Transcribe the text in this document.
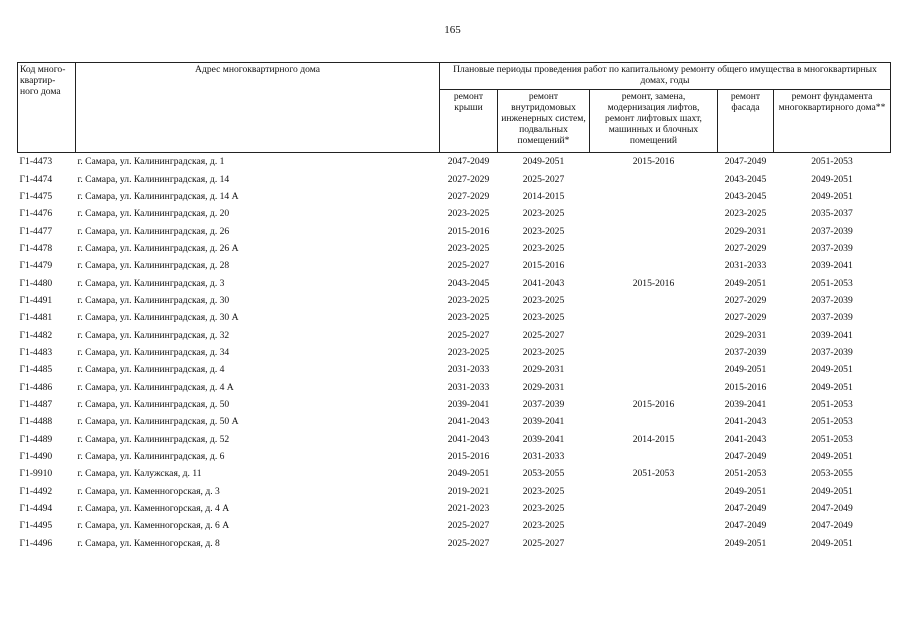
165
Код много-квартир-ного дома	Адрес многоквартирного дома	Плановые периоды проведения работ по капитальному ремонту общего имущества в многоквартирных домах, годы				
		ремонт крыши	ремонт внутридомовых инженерных систем, подвальных помещений*	ремонт, замена, модернизация лифтов, ремонт лифтовых шахт, машинных и блочных помещений	ремонт фасада	ремонт фундамента многоквартирного дома**
Г1-4473	г. Самара, ул. Калининградская, д. 1	2047-2049	2049-2051	2015-2016	2047-2049	2051-2053
Г1-4474	г. Самара, ул. Калининградская, д. 14	2027-2029	2025-2027		2043-2045	2049-2051
Г1-4475	г. Самара, ул. Калининградская, д. 14 А	2027-2029	2014-2015		2043-2045	2049-2051
Г1-4476	г. Самара, ул. Калининградская, д. 20	2023-2025	2023-2025		2023-2025	2035-2037
Г1-4477	г. Самара, ул. Калининградская, д. 26	2015-2016	2023-2025		2029-2031	2037-2039
Г1-4478	г. Самара, ул. Калининградская, д. 26 А	2023-2025	2023-2025		2027-2029	2037-2039
Г1-4479	г. Самара, ул. Калининградская, д. 28	2025-2027	2015-2016		2031-2033	2039-2041
Г1-4480	г. Самара, ул. Калининградская, д. 3	2043-2045	2041-2043	2015-2016	2049-2051	2051-2053
Г1-4491	г. Самара, ул. Калининградская, д. 30	2023-2025	2023-2025		2027-2029	2037-2039
Г1-4481	г. Самара, ул. Калининградская, д. 30 А	2023-2025	2023-2025		2027-2029	2037-2039
Г1-4482	г. Самара, ул. Калининградская, д. 32	2025-2027	2025-2027		2029-2031	2039-2041
Г1-4483	г. Самара, ул. Калининградская, д. 34	2023-2025	2023-2025		2037-2039	2037-2039
Г1-4485	г. Самара, ул. Калининградская, д. 4	2031-2033	2029-2031		2049-2051	2049-2051
Г1-4486	г. Самара, ул. Калининградская, д. 4 А	2031-2033	2029-2031		2015-2016	2049-2051
Г1-4487	г. Самара, ул. Калининградская, д. 50	2039-2041	2037-2039	2015-2016	2039-2041	2051-2053
Г1-4488	г. Самара, ул. Калининградская, д. 50 А	2041-2043	2039-2041		2041-2043	2051-2053
Г1-4489	г. Самара, ул. Калининградская, д. 52	2041-2043	2039-2041	2014-2015	2041-2043	2051-2053
Г1-4490	г. Самара, ул. Калининградская, д. 6	2015-2016	2031-2033		2047-2049	2049-2051
Г1-9910	г. Самара, ул. Калужская, д. 11	2049-2051	2053-2055	2051-2053	2051-2053	2053-2055
Г1-4492	г. Самара, ул. Каменногорская, д. 3	2019-2021	2023-2025		2049-2051	2049-2051
Г1-4494	г. Самара, ул. Каменногорская, д. 4 А	2021-2023	2023-2025		2047-2049	2047-2049
Г1-4495	г. Самара, ул. Каменногорская, д. 6 А	2025-2027	2023-2025		2047-2049	2047-2049
Г1-4496	г. Самара, ул. Каменногорская, д. 8	2025-2027	2025-2027		2049-2051	2049-2051
